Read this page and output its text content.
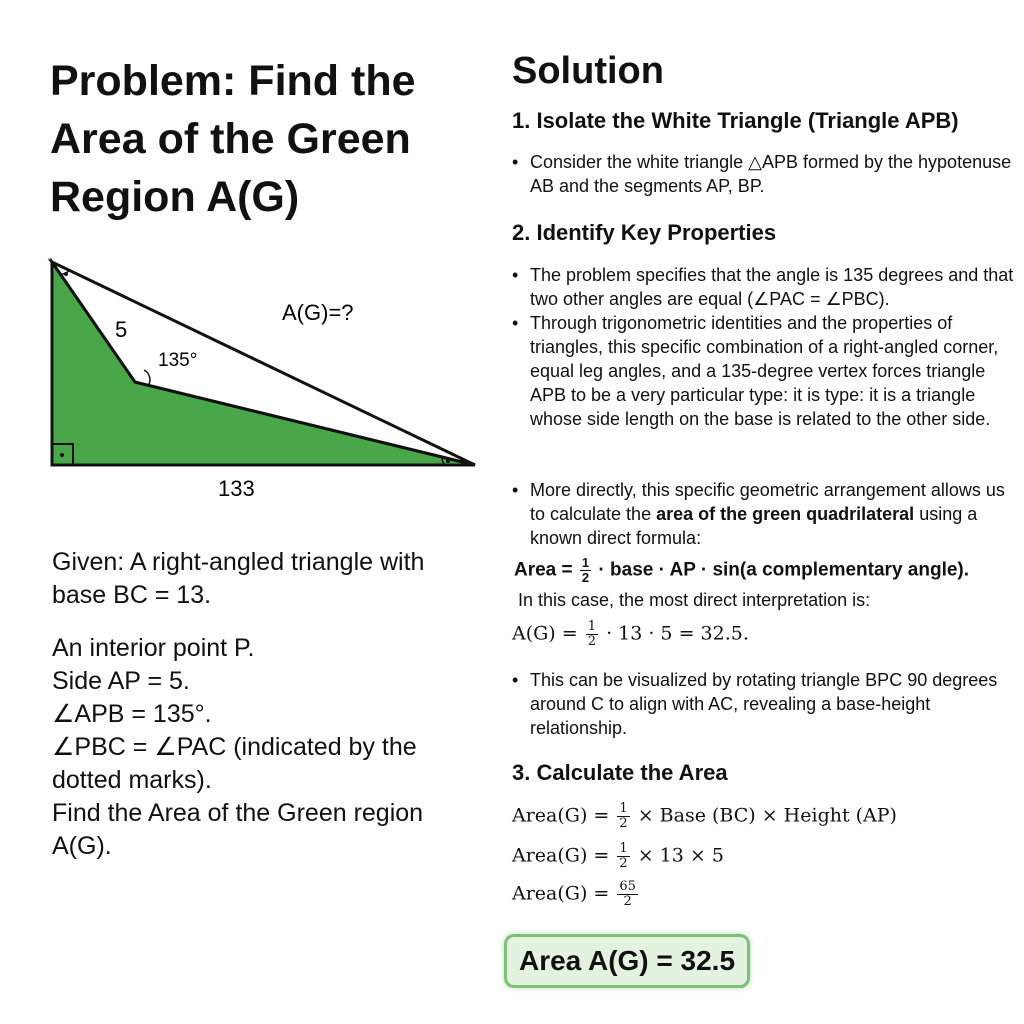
Problem: Find the Area of the Green Region A(G)
5
135°
A(G)=?
133

Given: A right-angled triangle with base BC = 13.

An interior point P.

Side AP = 5.

∠APB = 135°.

∠PBC = ∠PAC (indicated by the dotted marks).

Find the Area of the Green region A(G).

Solution
1. Isolate the White Triangle (Triangle APB)

• Consider the white triangle △APB formed by the hypotenuse AB and the segments AP, BP.

2. Identify Key Properties

• The problem specifies that the angle is 135 degrees and that two other angles are equal (∠PAC = ∠PBC).

• Through trigonometric identities and the properties of triangles, this specific combination of a right-angled corner, equal leg angles, and a 135-degree vertex forces triangle APB to be a very particular type: it is type: it is a triangle whose side length on the base is related to the other side.

• More directly, this specific geometric arrangement allows us to calculate the area of the green quadrilateral using a known direct formula:

Area = $\frac{1}{2}$ · base · AP · sin(a complementary angle).

In this case, the most direct interpretation is:

$A(G) = \frac{1}{2} \cdot 13 \cdot 5 = 32.5$.

• This can be visualized by rotating triangle BPC 90 degrees around C to align with AC, revealing a base-height relationship.

3. Calculate the Area

Area(G) = $\frac{1}{2}$ × Base (BC) × Height (AP)

Area(G) = $\frac{1}{2} \times 13 \times 5$

Area(G) = $\frac{65}{2}$

Area A(G) = 32.5
